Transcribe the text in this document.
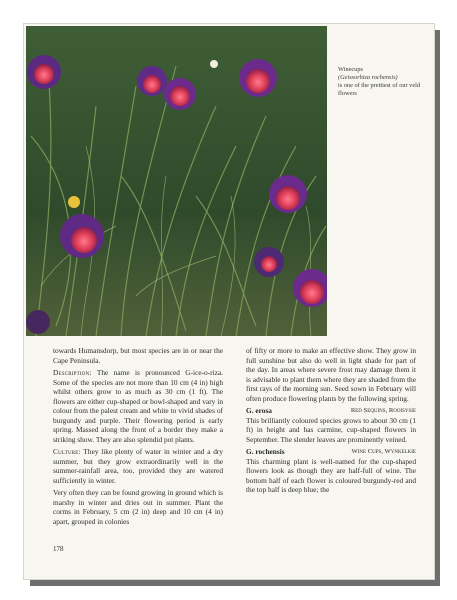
Winecups

(Geissorhiza rochensis)

is one of the prettiest of our veld flowers

towards Humansdorp, but most species are in or near the Cape Peninsula.

Description: The name is pronounced G-ice-o-riza. Some of the species are not more than 10 cm (4 in) high whilst others grow to as much as 30 cm (1 ft). The flowers are either cup-shaped or bowl-shaped and vary in colour from the palest cream and white to vivid shades of burgundy and purple. Their flowering period is early spring. Massed along the front of a border they make a striking show. They are also splendid pot plants.

Culture: They like plenty of water in winter and a dry summer, but they grow extraordinarily well in the summer-rainfall area, too, provided they are watered sufficiently in winter.

Very often they can be found growing in ground which is marshy in winter and dries out in summer. Plant the corms in February, 5 cm (2 in) deep and 10 cm (4 in) apart, grouped in colonies

of fifty or more to make an effective show. They grow in full sunshine but also do well in light shade for part of the day. In areas where severe frost may damage them it is advisable to plant them where they are shaded from the first rays of the morning sun. Seed sown in February will often produce flowering plants by the following spring.

G. erosa	Red Sequins, Rooisysie

This brilliantly coloured species grows to about 30 cm (1 ft) in height and has carmine, cup-shaped flowers in September. The slender leaves are prominently veined.

G. rochensis	Wine Cups, Wynkelkie

This charming plant is well-named for the cup-shaped flowers look as though they are half-full of wine. The bottom half of each flower is coloured burgundy-red and the top half is deep blue; the

178
